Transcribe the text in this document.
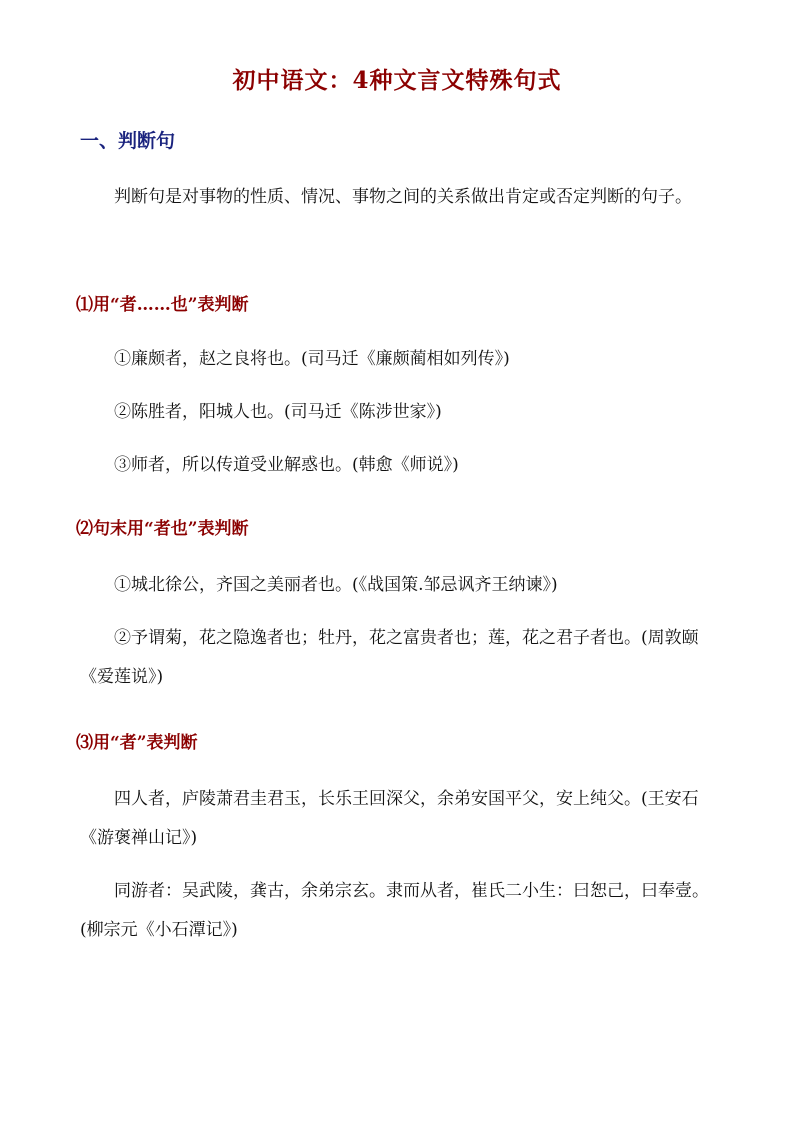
初中语文：4种文言文特殊句式
一、判断句

判断句是对事物的性质、情况、事物之间的关系做出肯定或否定判断的句子。

⑴用“者……也”表判断

①廉颇者，赵之良将也。(司马迁《廉颇蔺相如列传》)

②陈胜者，阳城人也。(司马迁《陈涉世家》)

③师者，所以传道受业解惑也。(韩愈《师说》)

⑵句末用“者也”表判断

①城北徐公，齐国之美丽者也。(《战国策.邹忌讽齐王纳谏》)

②予谓菊，花之隐逸者也；牡丹，花之富贵者也；莲，花之君子者也。(周敦颐《爱莲说》)

⑶用“者”表判断

四人者，庐陵萧君圭君玉，长乐王回深父，余弟安国平父，安上纯父。(王安石《游褒禅山记》)

同游者：吴武陵，龚古，余弟宗玄。隶而从者，崔氏二小生：曰恕己，曰奉壹。(柳宗元《小石潭记》)
